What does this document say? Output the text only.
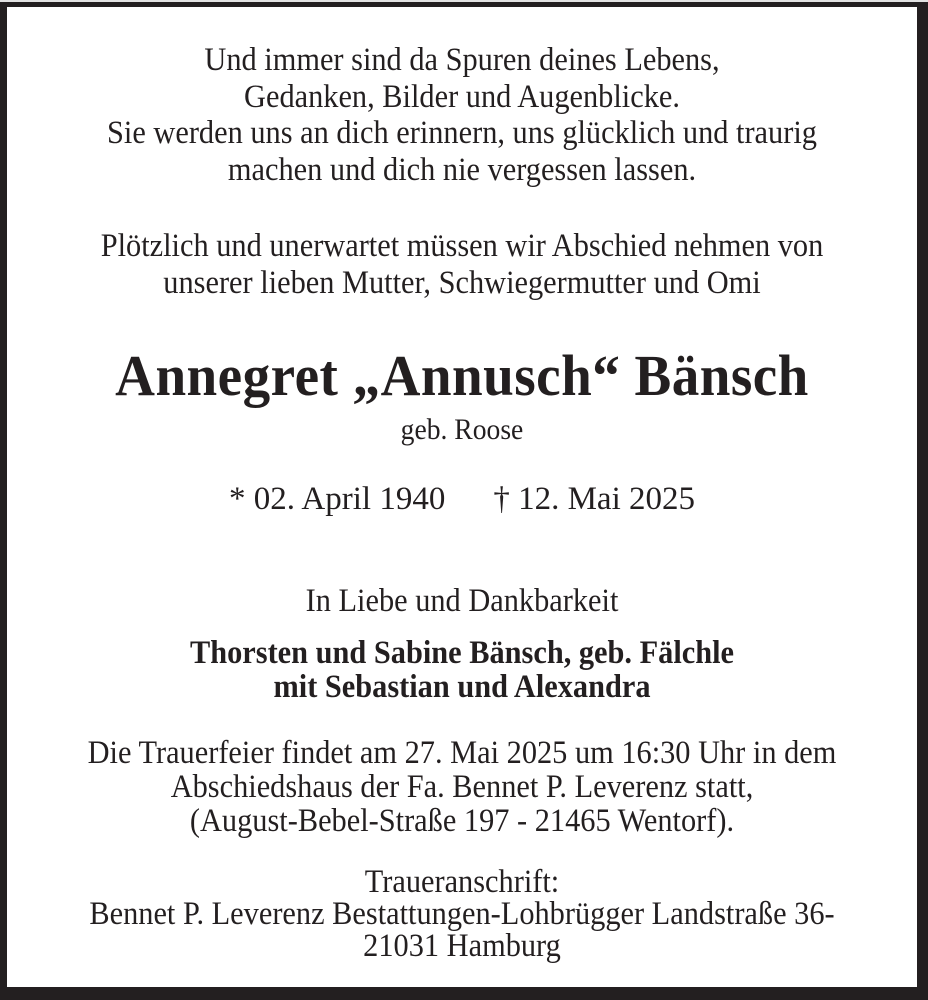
Und immer sind da Spuren deines Lebens,
Gedanken, Bilder und Augenblicke.
Sie werden uns an dich erinnern, uns glücklich und traurig
machen und dich nie vergessen lassen.
Plötzlich und unerwartet müssen wir Abschied nehmen von
unserer lieben Mutter, Schwiegermutter und Omi
Annegret „Annusch“ Bänsch
geb. Roose
* 02. April 1940 † 12. Mai 2025
In Liebe und Dankbarkeit
Thorsten und Sabine Bänsch, geb. Fälchle
mit Sebastian und Alexandra
Die Trauerfeier findet am 27. Mai 2025 um 16:30 Uhr in dem
Abschiedshaus der Fa. Bennet P. Leverenz statt,
(August-Bebel-Straße 197 - 21465 Wentorf).
Traueranschrift:
Bennet P. Leverenz Bestattungen-Lohbrügger Landstraße 36-
21031 Hamburg
